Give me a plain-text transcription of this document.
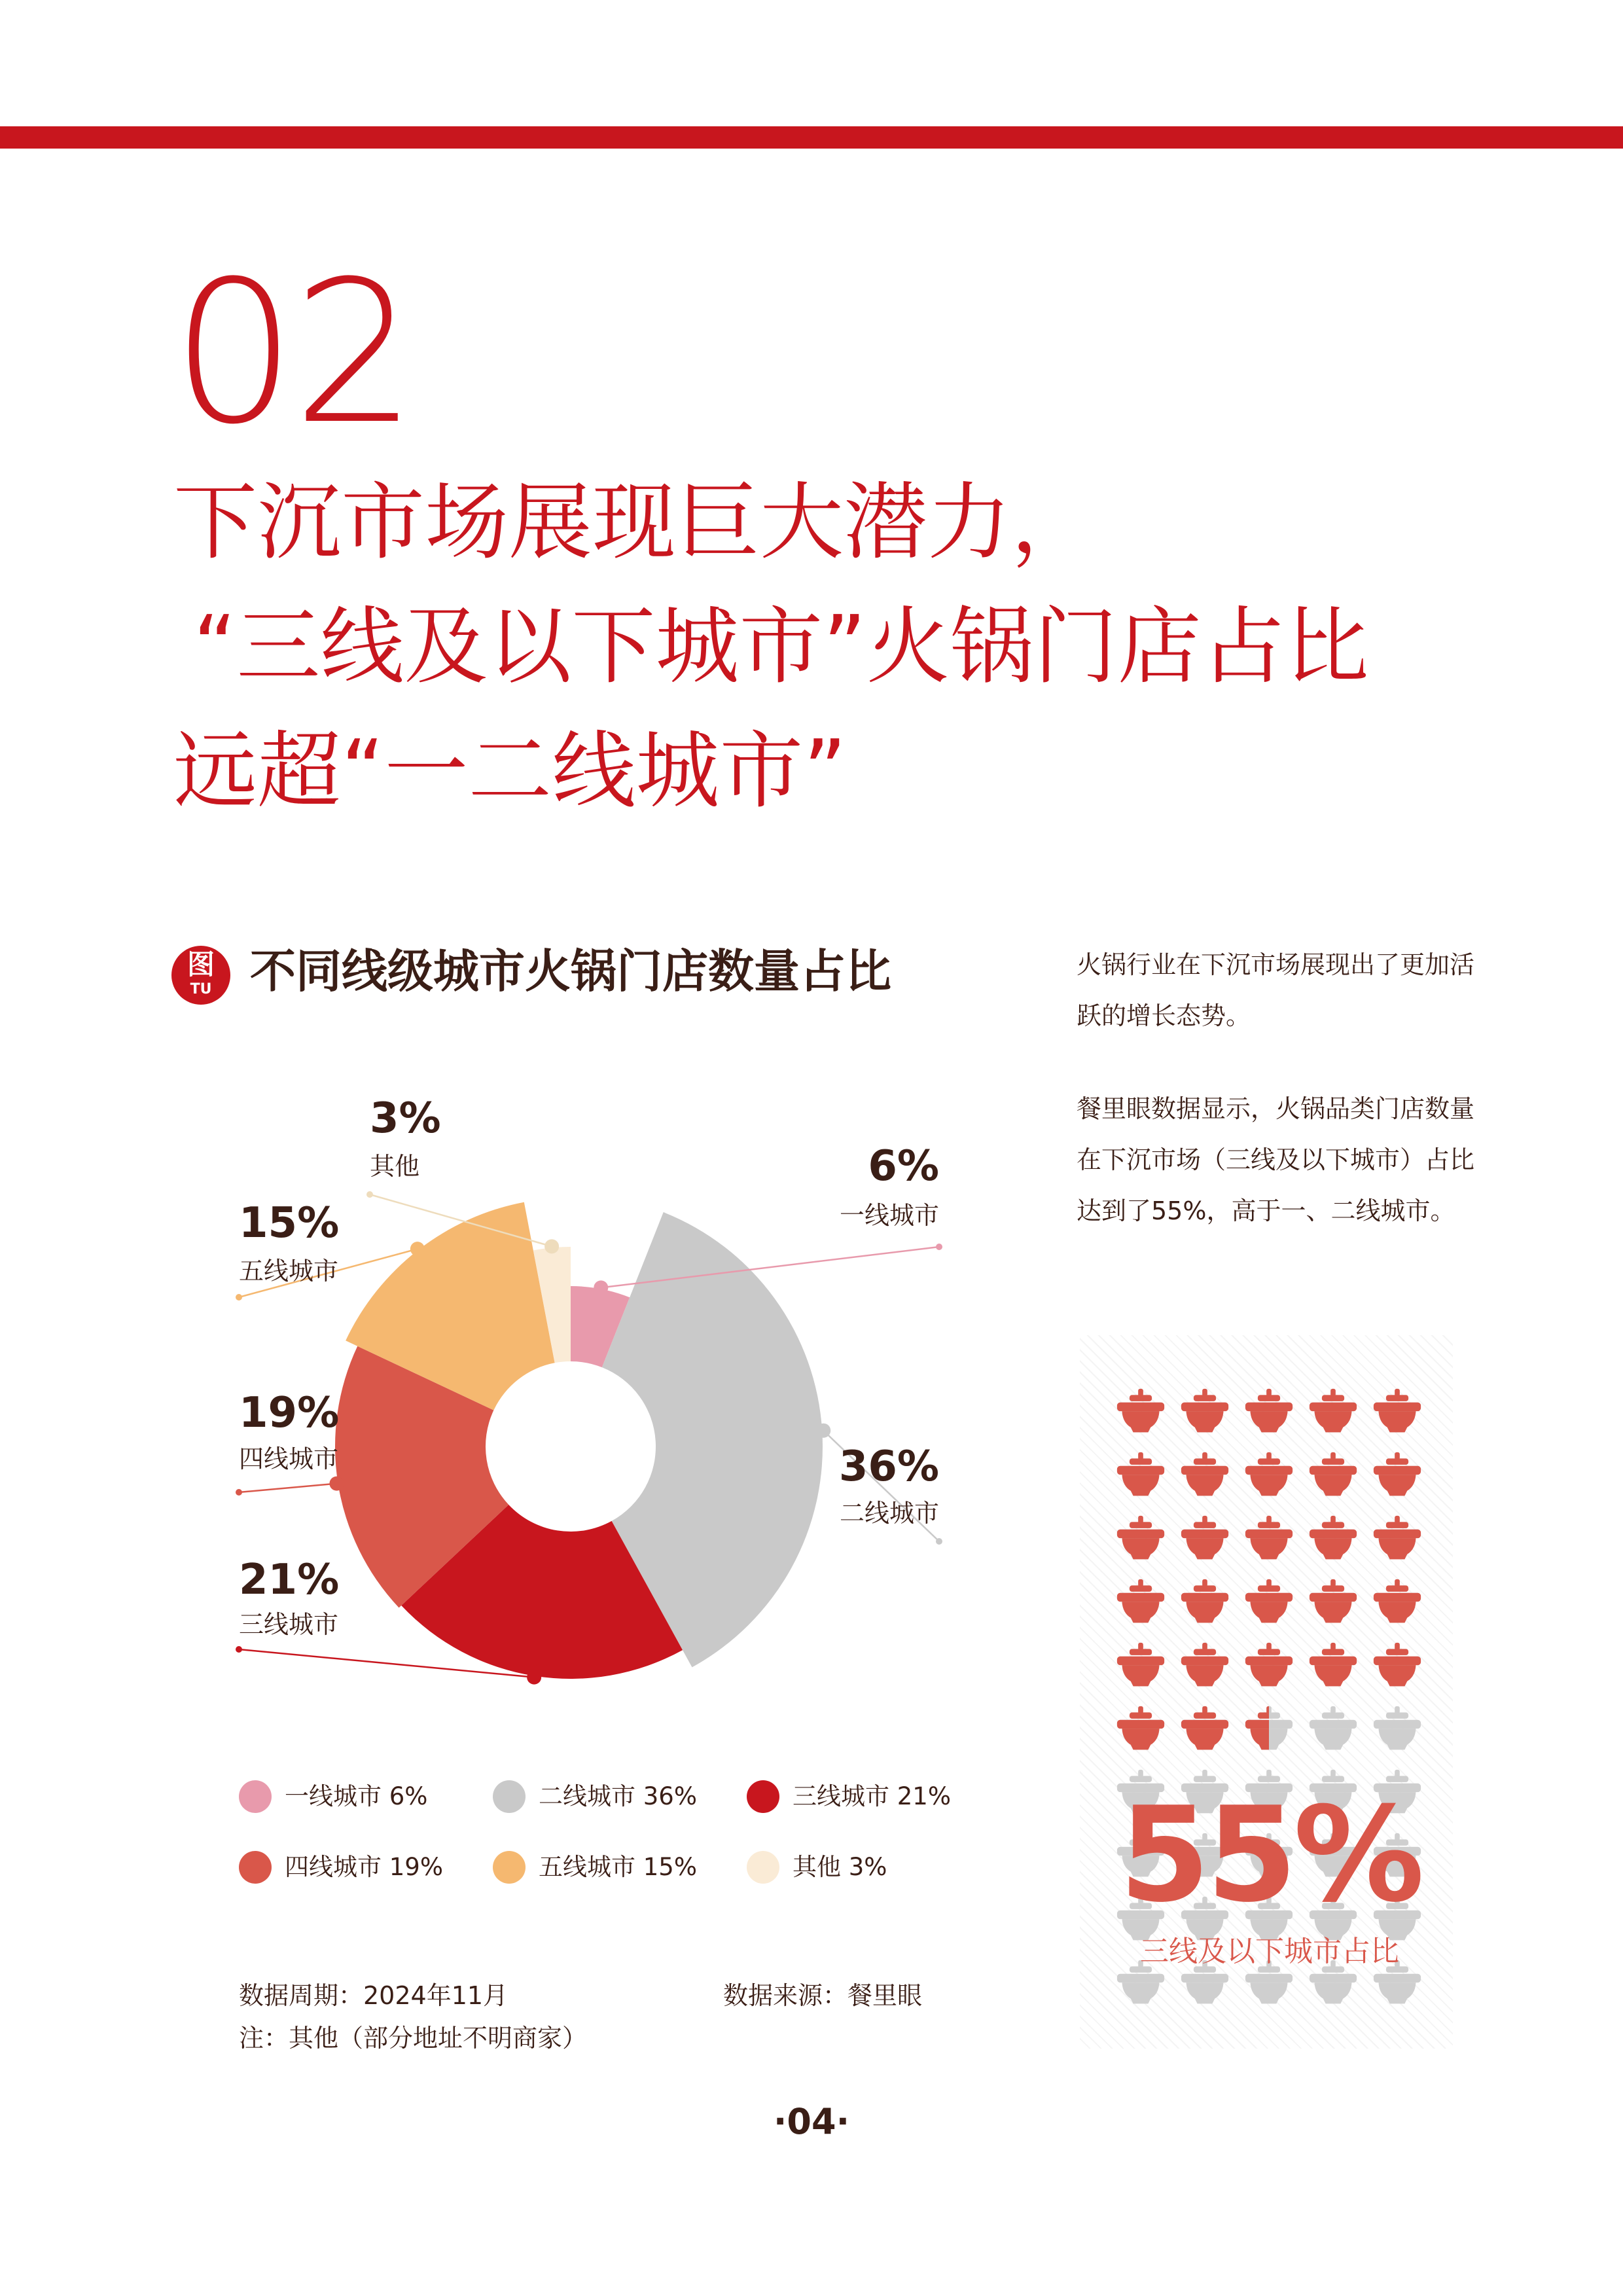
02
下沉市场展现巨大潜力，
“三线及以下城市”火锅门店占比
远超“一二线城市”
图
TU 不同线级城市火锅门店数量占比	火锅行业在下沉市场展现出了更加活跃的增长态势。
餐里眼数据显示，火锅品类门店数量在下沉市场（三线及以下城市）占比达到了55%，高于一、二线城市。
6%
一线城市
36%
二线城市
21%
三线城市
19%
四线城市
15%
五线城市
3%
其他
一线城市 6%	二线城市 36%	三线城市 21%
四线城市 19%	五线城市 15%	其他 3%
数据周期：2024年11月	数据来源：餐里眼
注：其他（部分地址不明商家）
·04·
55%
三线及以下城市占比
